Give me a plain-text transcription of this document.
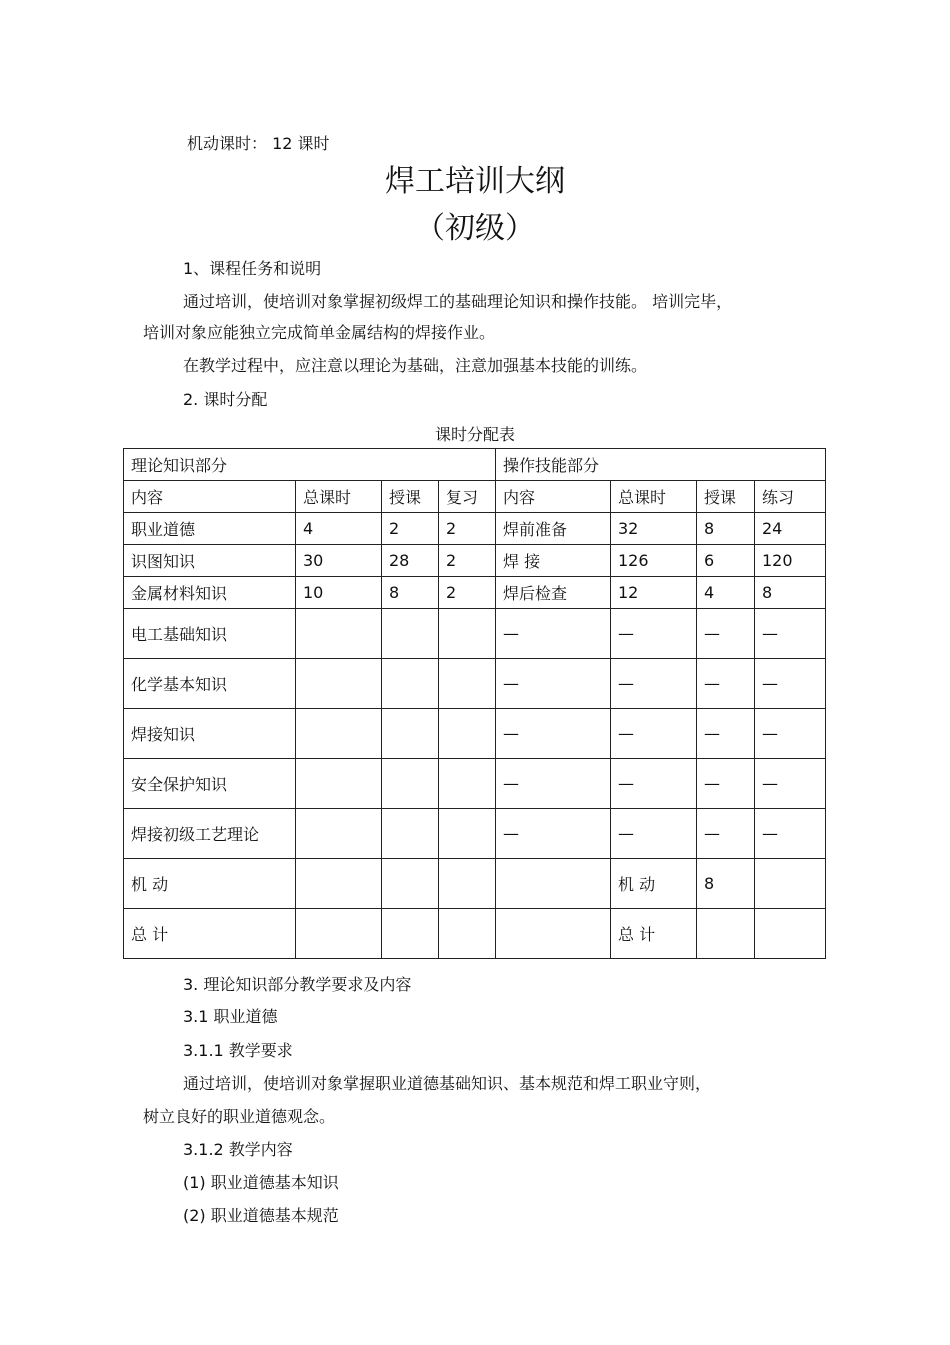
机动课时： 12 课时
焊工培训大纲
（初级）
1、课程任务和说明
通过培训，使培训对象掌握初级焊工的基础理论知识和操作技能。 培训完毕，
培训对象应能独立完成简单金属结构的焊接作业。
在教学过程中，应注意以理论为基础，注意加强基本技能的训练。
2. 课时分配
课时分配表
理论知识部分				操作技能部分			
内容	总课时	授课	复习	内容	总课时	授课	练习
职业道德	4	2	2	焊前准备	32	8	24
识图知识	30	28	2	焊 接	126	6	120
金属材料知识	10	8	2	焊后检查	12	4	8
电工基础知识				—	—	—	—
化学基本知识				—	—	—	—
焊接知识				—	—	—	—
安全保护知识				—	—	—	—
焊接初级工艺理论				—	—	—	—
机 动					机 动	8	
总 计					总 计		
3. 理论知识部分教学要求及内容
3.1 职业道德
3.1.1 教学要求
通过培训，使培训对象掌握职业道德基础知识、基本规范和焊工职业守则，
树立良好的职业道德观念。
3.1.2 教学内容
(1) 职业道德基本知识
(2) 职业道德基本规范
